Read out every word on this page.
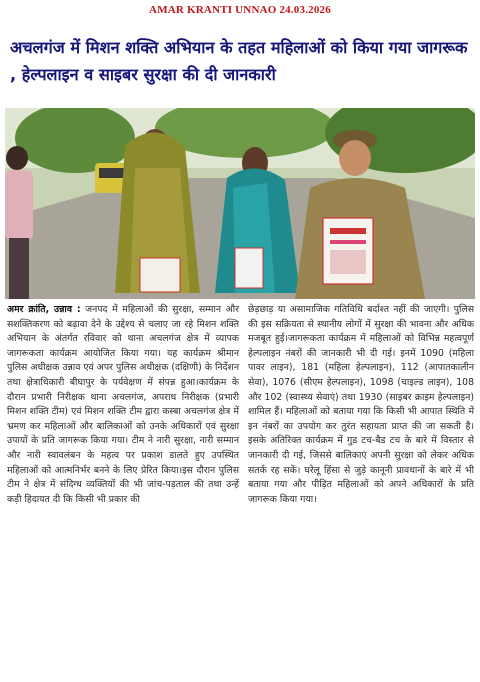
AMAR KRANTI UNNAO 24.03.2026
अचलगंज में मिशन शक्ति अभियान के तहत महिलाओं को किया गया जागरूक , हेल्पलाइन व साइबर सुरक्षा की दी जानकारी
अमर क्रांति, उन्नाव : जनपद में महिलाओं की सुरक्षा, सम्मान और सशक्तिकरण को बढ़ावा देने के उद्देश्य से चलाए जा रहे मिशन शक्ति अभियान के अंतर्गत रविवार को थाना अचलगंज क्षेत्र में व्यापक जागरूकता कार्यक्रम आयोजित किया गया। यह कार्यक्रम श्रीमान पुलिस अधीक्षक उन्नाव एवं अपर पुलिस अधीक्षक (दक्षिणी) के निर्देशन तथा क्षेत्राधिकारी बीघापुर के पर्यवेक्षण में संपन्न हुआ।कार्यक्रम के दौरान प्रभारी निरीक्षक थाना अचलगंज, अपराध निरीक्षक (प्रभारी मिशन शक्ति टीम) एवं मिशन शक्ति टीम द्वारा कस्बा अचलगंज क्षेत्र में भ्रमण कर महिलाओं और बालिकाओं को उनके अधिकारों एवं सुरक्षा उपायों के प्रति जागरूक किया गया। टीम ने नारी सुरक्षा, नारी सम्मान और नारी स्वावलंबन के महत्व पर प्रकाश डालते हुए उपस्थित महिलाओं को आत्मनिर्भर बनने के लिए प्रेरित किया।इस दौरान पुलिस टीम ने क्षेत्र में संदिग्ध व्यक्तियों की भी जांच-पड़ताल की तथा उन्हें कड़ी हिदायत दी कि किसी भी प्रकार की
छेड़छाड़ या असामाजिक गतिविधि बर्दाश्त नहीं की जाएगी। पुलिस की इस सक्रियता से स्थानीय लोगों में सुरक्षा की भावना और अधिक मजबूत हुई।जागरूकता कार्यक्रम में महिलाओं को विभिन्न महत्वपूर्ण हेल्पलाइन नंबरों की जानकारी भी दी गई। इनमें 1090 (महिला पावर लाइन), 181 (महिला हेल्पलाइन), 112 (आपातकालीन सेवा), 1076 (सीएम हेल्पलाइन), 1098 (चाइल्ड लाइन), 108 और 102 (स्वास्थ्य सेवाएं) तथा 1930 (साइबर क्राइम हेल्पलाइन) शामिल हैं। महिलाओं को बताया गया कि किसी भी आपात स्थिति में इन नंबरों का उपयोग कर तुरंत सहायता प्राप्त की जा सकती है।इसके अतिरिक्त कार्यक्रम में गुड टच-बैड टच के बारे में विस्तार से जानकारी दी गई, जिससे बालिकाएं अपनी सुरक्षा को लेकर अधिक सतर्क रह सकें। घरेलू हिंसा से जुड़े कानूनी प्रावधानों के बारे में भी बताया गया और पीड़ित महिलाओं को अपने अधिकारों के प्रति जागरूक किया गया।
